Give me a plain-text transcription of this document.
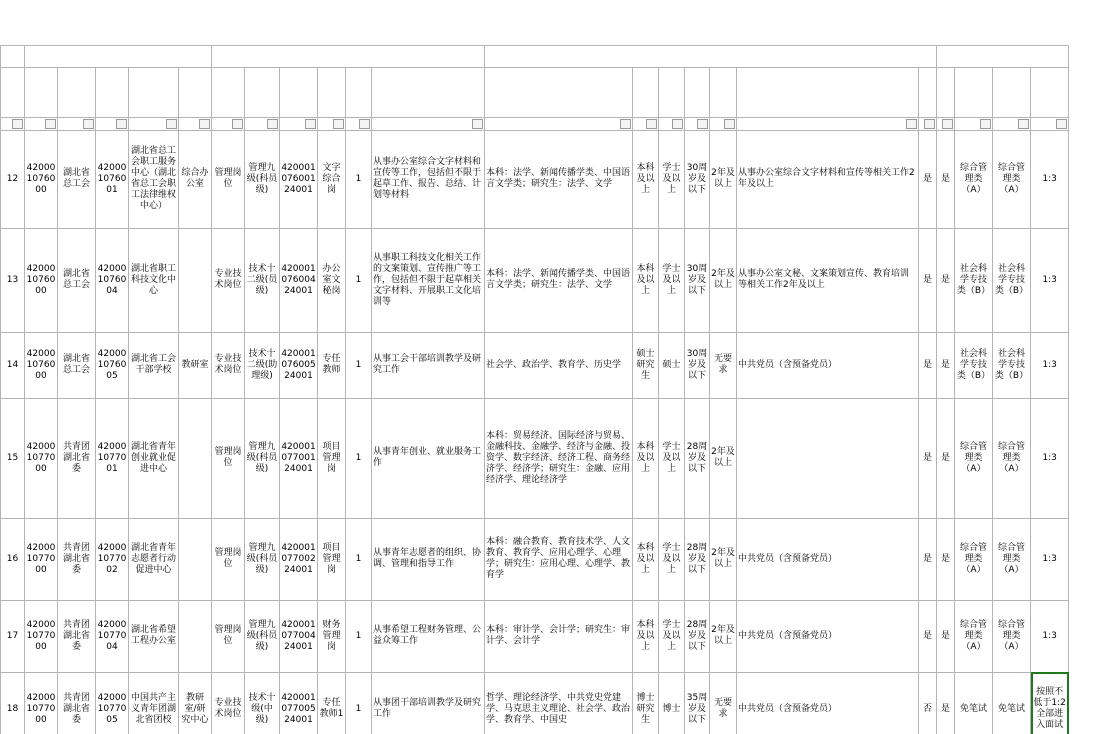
12	4200010760 00	湖北省总工会	4200010760 01	湖北省总工会职工服务中心（湖北省总工会职工法律维权中心）	综合办公室	管理岗位	管理九级(科员级)	420001076001 24001	文字综合岗	1	从事办公室综合文字材料和宣传等工作，包括但不限于起草工作、报告、总结、计划等材料	本科：法学、新闻传播学类、中国语言文学类；研究生：法学、文学	本科及以上	学士及以上	30周岁及以下	2年及以上	从事办公室综合文字材料和宣传等相关工作2年及以上	是	是	综合管理类（A）	综合管理类（A）	1:3
13	4200010760 00	湖北省总工会	4200010760 04	湖北省职工科技文化中心		专业技术岗位	技术十二级(员级)	420001076004 24001	办公室文秘岗	1	从事职工科技文化相关工作的文案策划、宣传推广等工作，包括但不限于起草相关文字材料、开展职工文化培训等	本科：法学、新闻传播学类、中国语言文学类；研究生：法学、文学	本科及以上	学士及以上	30周岁及以下	2年及以上	从事办公室文秘、文案策划宣传、教育培训等相关工作2年及以上	是	是	社会科学专技类（B）	社会科学专技类（B）	1:3
14	4200010760 00	湖北省总工会	4200010760 05	湖北省工会干部学校	教研室	专业技术岗位	技术十二级(助理级)	420001076005 24001	专任教师	1	从事工会干部培训教学及研究工作	社会学、政治学、教育学、历史学	硕士研究生	硕士	30周岁及以下	无要求	中共党员（含预备党员）	是	是	社会科学专技类（B）	社会科学专技类（B）	1:3
15	4200010770 00	共青团湖北省委	4200010770 01	湖北省青年创业就业促进中心		管理岗位	管理九级(科员级)	420001077001 24001	项目管理岗	1	从事青年创业、就业服务工作	本科：贸易经济、国际经济与贸易、金融科技、金融学、经济与金融、投资学、数字经济、经济工程、商务经济学、经济学；研究生：金融、应用经济学、理论经济学	本科及以上	学士及以上	28周岁及以下	2年及以上		是	是	综合管理类（A）	综合管理类（A）	1:3
16	4200010770 00	共青团湖北省委	4200010770 02	湖北省青年志愿者行动促进中心		管理岗位	管理九级(科员级)	420001077002 24001	项目管理岗	1	从事青年志愿者的组织、协调、管理和指导工作	本科：融合教育、教育技术学、人文教育、教育学、应用心理学、心理学；研究生：应用心理、心理学、教育学	本科及以上	学士及以上	28周岁及以下	2年及以上	中共党员（含预备党员）	是	是	综合管理类（A）	综合管理类（A）	1:3
17	4200010770 00	共青团湖北省委	4200010770 04	湖北省希望工程办公室		管理岗位	管理九级(科员级)	420001077004 24001	财务管理岗	1	从事希望工程财务管理、公益众筹工作	本科：审计学、会计学；研究生：审计学、会计学	本科及以上	学士及以上	28周岁及以下	2年及以上	中共党员（含预备党员）	是	是	综合管理类（A）	综合管理类（A）	1:3
18	4200010770 00	共青团湖北省委	4200010770 05	中国共产主义青年团湖北省团校	教研室/研究中心	专业技术岗位	技术十级(中级)	420001077005 24001	专任教师1	1	从事团干部培训教学及研究工作	哲学、理论经济学、中共党史党建学、马克思主义理论、社会学、政治学、教育学、中国史	博士研究生	博士	35周岁及以下	无要求	中共党员（含预备党员）	否	是	免笔试	免笔试	按照不低于1:2全部进入面试
